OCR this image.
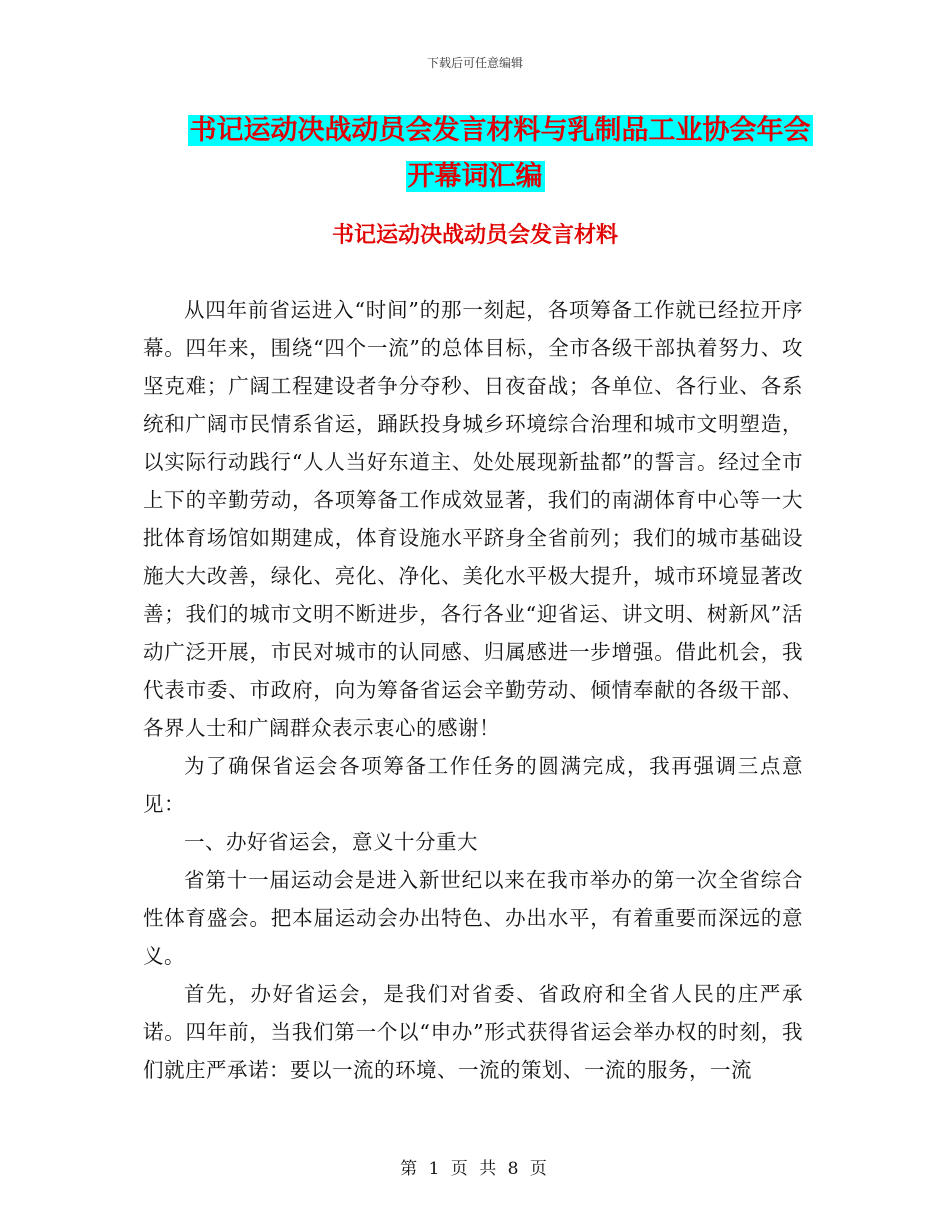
下载后可任意编辑
书记运动决战动员会发言材料与乳制品工业协会年会
开幕词汇编
书记运动决战动员会发言材料

从四年前省运进入“时间”的那一刻起，各项筹备工作就已经拉开序幕。四年来，围绕“四个一流”的总体目标，全市各级干部执着努力、攻坚克难；广阔工程建设者争分夺秒、日夜奋战；各单位、各行业、各系统和广阔市民情系省运，踊跃投身城乡环境综合治理和城市文明塑造，以实际行动践行“人人当好东道主、处处展现新盐都”的誓言。经过全市上下的辛勤劳动，各项筹备工作成效显著，我们的南湖体育中心等一大批体育场馆如期建成，体育设施水平跻身全省前列；我们的城市基础设施大大改善，绿化、亮化、净化、美化水平极大提升，城市环境显著改善；我们的城市文明不断进步，各行各业“迎省运、讲文明、树新风”活动广泛开展，市民对城市的认同感、归属感进一步增强。借此机会，我代表市委、市政府，向为筹备省运会辛勤劳动、倾情奉献的各级干部、各界人士和广阔群众表示衷心的感谢！

为了确保省运会各项筹备工作任务的圆满完成，我再强调三点意见：

一、办好省运会，意义十分重大

省第十一届运动会是进入新世纪以来在我市举办的第一次全省综合性体育盛会。把本届运动会办出特色、办出水平，有着重要而深远的意义。

首先，办好省运会，是我们对省委、省政府和全省人民的庄严承诺。四年前，当我们第一个以“申办”形式获得省运会举办权的时刻，我们就庄严承诺：要以一流的环境、一流的策划、一流的服务，一流

第 1 页 共 8 页
